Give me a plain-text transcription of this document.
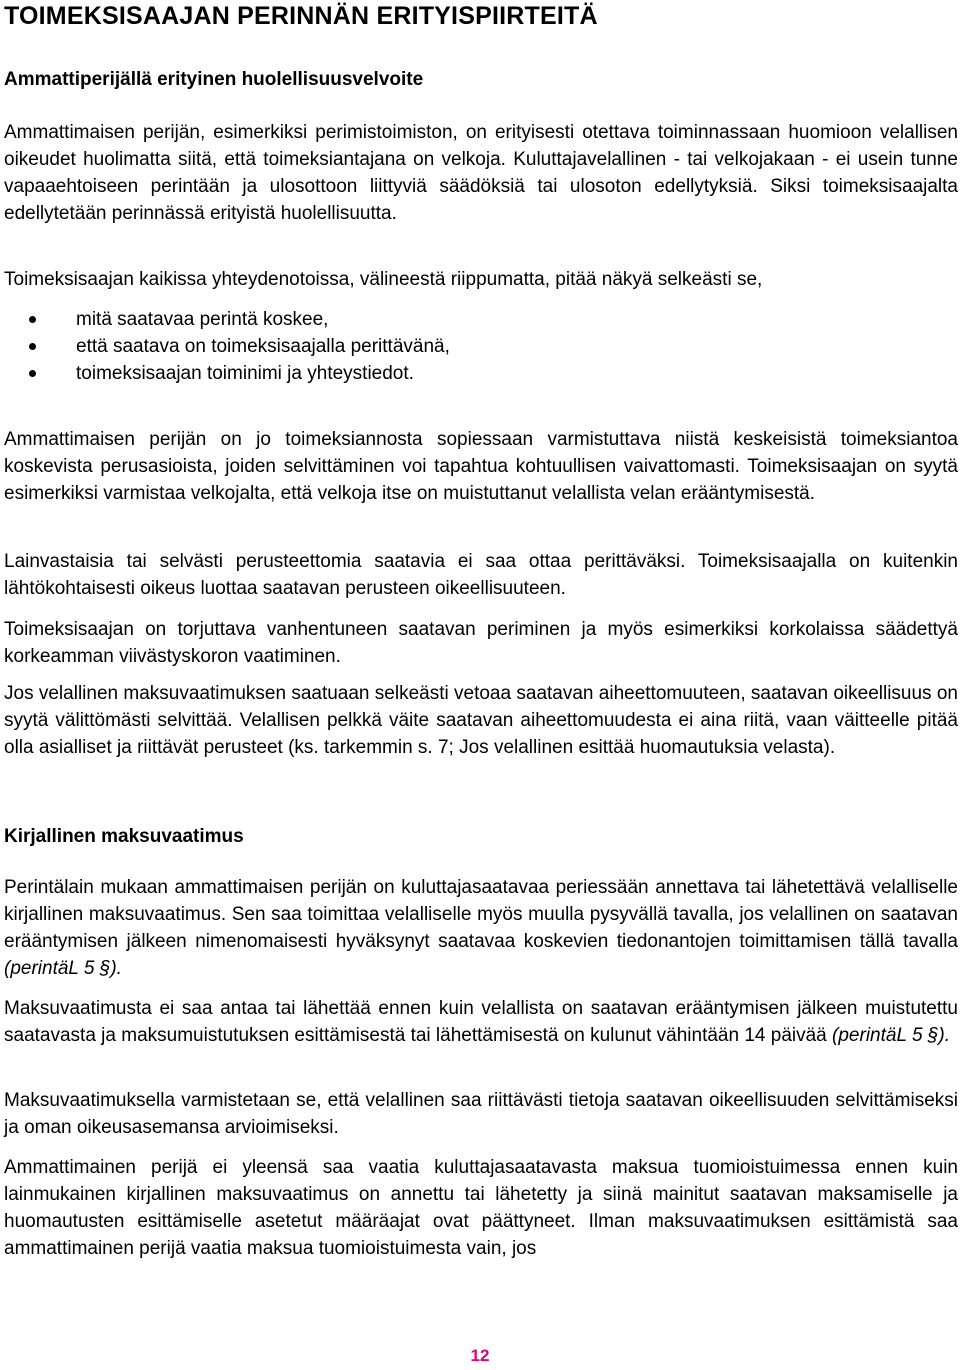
TOIMEKSISAAJAN PERINNÄN ERITYISPIIRTEITÄ
Ammattiperijällä erityinen huolellisuusvelvoite

Ammattimaisen perijän, esimerkiksi perimistoimiston, on erityisesti otettava toiminnassaan huomioon velallisen oikeudet huolimatta siitä, että toimeksiantajana on velkoja. Kuluttajavelallinen - tai velkojakaan - ei usein tunne vapaaehtoiseen perintään ja ulosottoon liittyviä säädöksiä tai ulosoton edellytyksiä. Siksi toimeksisaajalta edellytetään perinnässä erityistä huolellisuutta.

Toimeksisaajan kaikissa yhteydenotoissa, välineestä riippumatta, pitää näkyä selkeästi se,

mitä saatavaa perintä koskee,
että saatava on toimeksisaajalla perittävänä,
toimeksisaajan toiminimi ja yhteystiedot.

Ammattimaisen perijän on jo toimeksiannosta sopiessaan varmistuttava niistä keskeisistä toimeksiantoa koskevista perusasioista, joiden selvittäminen voi tapahtua kohtuullisen vaivattomasti. Toimeksisaajan on syytä esimerkiksi varmistaa velkojalta, että velkoja itse on muistuttanut velallista velan erääntymisestä.

Lainvastaisia tai selvästi perusteettomia saatavia ei saa ottaa perittäväksi. Toimeksisaajalla on kuitenkin lähtökohtaisesti oikeus luottaa saatavan perusteen oikeellisuuteen.

Toimeksisaajan on torjuttava vanhentuneen saatavan periminen ja myös esimerkiksi korkolaissa säädettyä korkeamman viivästyskoron vaatiminen.

Jos velallinen maksuvaatimuksen saatuaan selkeästi vetoaa saatavan aiheettomuuteen, saatavan oikeellisuus on syytä välittömästi selvittää. Velallisen pelkkä väite saatavan aiheettomuudesta ei aina riitä, vaan väitteelle pitää olla asialliset ja riittävät perusteet (ks. tarkemmin s. 7; Jos velallinen esittää huomautuksia velasta).

Kirjallinen maksuvaatimus

Perintälain mukaan ammattimaisen perijän on kuluttajasaatavaa periessään annettava tai lähetettävä velalliselle kirjallinen maksuvaatimus. Sen saa toimittaa velalliselle myös muulla pysyvällä tavalla, jos velallinen on saatavan erääntymisen jälkeen nimenomaisesti hyväksynyt saatavaa koskevien tiedonantojen toimittamisen tällä tavalla (perintäL 5 §).

Maksuvaatimusta ei saa antaa tai lähettää ennen kuin velallista on saatavan erääntymisen jälkeen muistutettu saatavasta ja maksumuistutuksen esittämisestä tai lähettämisestä on kulunut vähintään 14 päivää (perintäL 5 §).

Maksuvaatimuksella varmistetaan se, että velallinen saa riittävästi tietoja saatavan oikeellisuuden selvittämiseksi ja oman oikeusasemansa arvioimiseksi.

Ammattimainen perijä ei yleensä saa vaatia kuluttajasaatavasta maksua tuomioistuimessa ennen kuin lainmukainen kirjallinen maksuvaatimus on annettu tai lähetetty ja siinä mainitut saatavan maksamiselle ja huomautusten esittämiselle asetetut määräajat ovat päättyneet. Ilman maksuvaatimuksen esittämistä saa ammattimainen perijä vaatia maksua tuomioistuimesta vain, jos

12
